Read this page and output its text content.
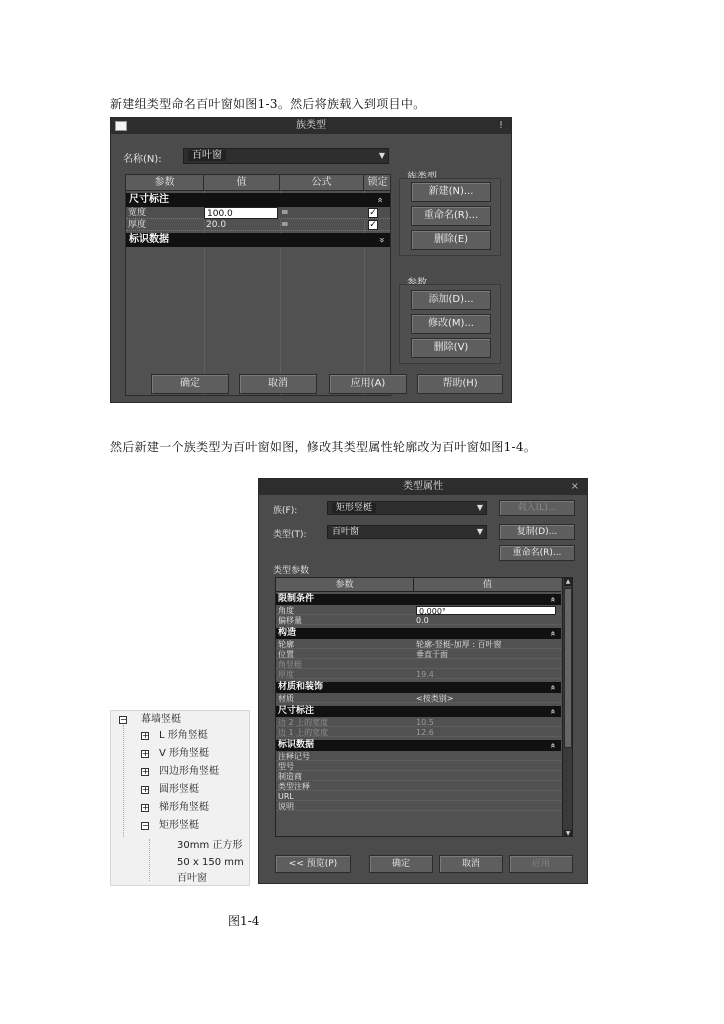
新建组类型命名百叶窗如图1-3。然后将族载入到项目中。
族类型	!
名称(N):	百叶窗	▼
参数	值	公式	锁定
尺寸标注	»
宽度	100.0	=	✓
厚度	20.0	=	✓
标识数据	»
新建(N)...
重命名(R)...
删除(E)
添加(D)...
修改(M)...
删除(V)
确定	取消	应用(A)	帮助(H)
然后新建一个族类型为百叶窗如图，修改其类型属性轮廓改为百叶窗如图1-4。
− 幕墙竖梃
+ L 形角竖梃
+ V 形角竖梃
+ 四边形角竖梃
+ 圆形竖梃
+ 梯形角竖梃
− 矩形竖梃
30mm 正方形
50 x 150 mm
百叶窗
类型属性	×
族(F):	矩形竖梃	▼	载入(L)...
类型(T):	百叶窗	▼	复制(D)...
重命名(R)...
类型参数
参数	值
限制条件	»
角度	0.000°
偏移量	0.0
构造	»
轮廓	轮廓-竖梃-加厚 : 百叶窗
位置	垂直于面
角竖梃
厚度	19.4
材质和装饰	»
材质	<按类别>
尺寸标注	»
边 2 上的宽度	10.5
边 1 上的宽度	12.6
标识数据	»
注释记号
型号
制造商
类型注释
URL
说明
▲
▼
<< 预览(P)	确定	取消	应用
图1-4
